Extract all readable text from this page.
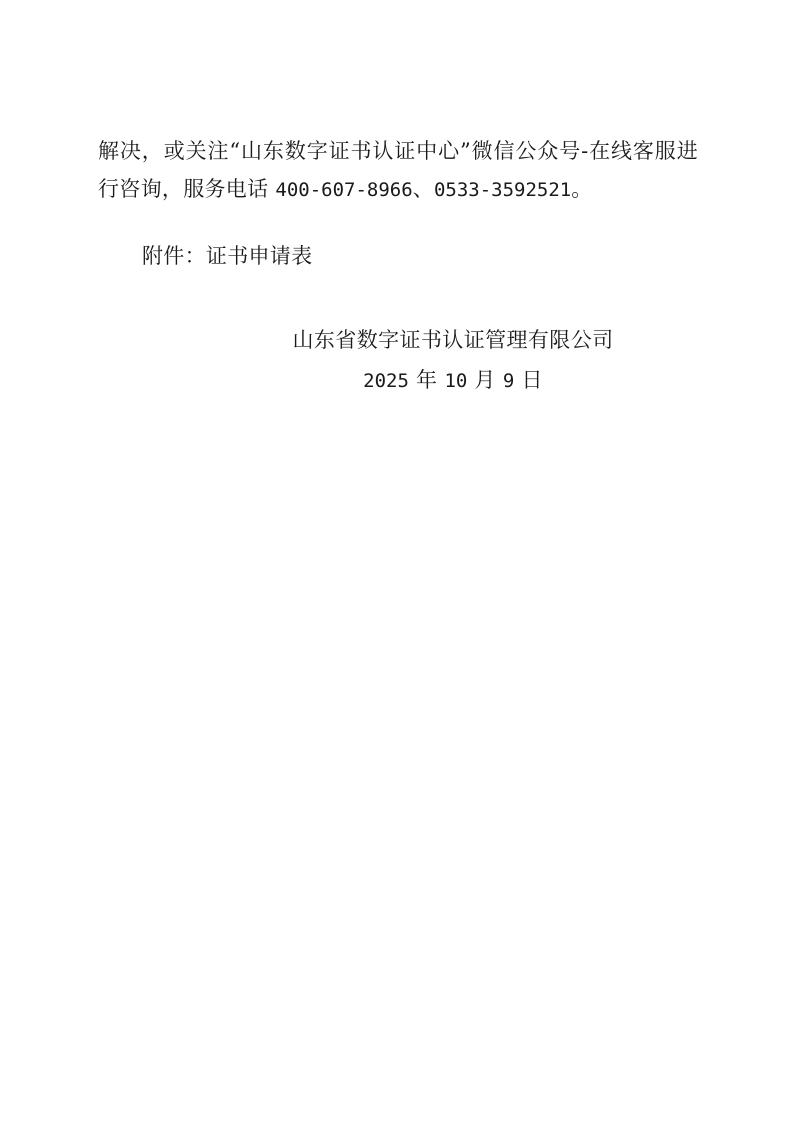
解决，或关注“山东数字证书认证中心”微信公众号-在线客服进行咨询，服务电话 400-607-8966、0533-3592521。

附件：证书申请表

山东省数字证书认证管理有限公司
2025 年 10 月 9 日
